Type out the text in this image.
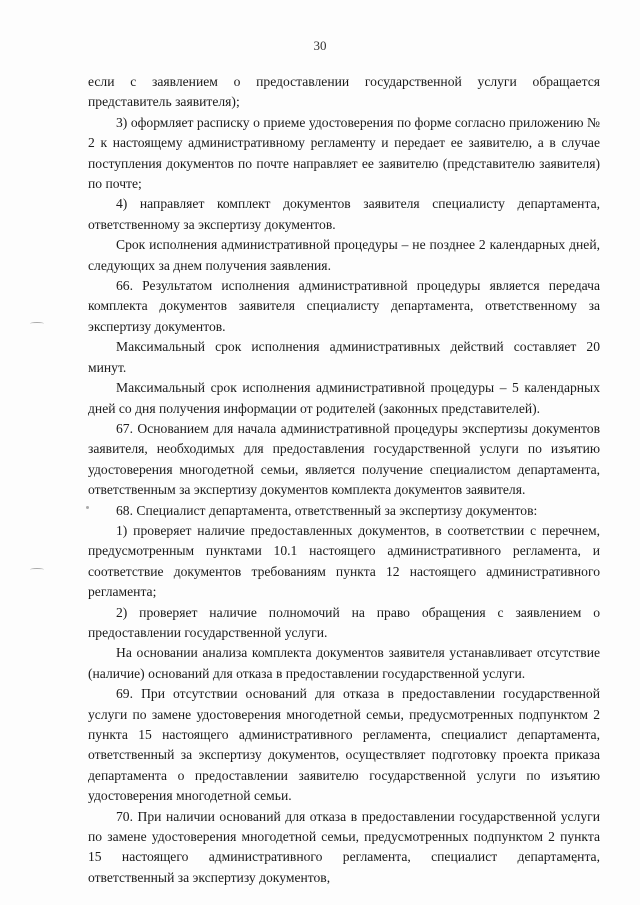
30

если с заявлением о предоставлении государственной услуги обращается представитель заявителя);

3) оформляет расписку о приеме удостоверения по форме согласно приложению № 2 к настоящему административному регламенту и передает ее заявителю, а в случае поступления документов по почте направляет ее заявителю (представителю заявителя) по почте;

4) направляет комплект документов заявителя специалисту департамента, ответственному за экспертизу документов.

Срок исполнения административной процедуры – не позднее 2 календарных дней, следующих за днем получения заявления.

66. Результатом исполнения административной процедуры является передача комплекта документов заявителя специалисту департамента, ответственному за экспертизу документов.

Максимальный срок исполнения административных действий составляет 20 минут.

Максимальный срок исполнения административной процедуры – 5 календарных дней со дня получения информации от родителей (законных представителей).

67. Основанием для начала административной процедуры экспертизы документов заявителя, необходимых для предоставления государственной услуги по изъятию удостоверения многодетной семьи, является получение специалистом департамента, ответственным за экспертизу документов комплекта документов заявителя.

68. Специалист департамента, ответственный за экспертизу документов:

1) проверяет наличие предоставленных документов, в соответствии с перечнем, предусмотренным пунктами 10.1 настоящего административного регламента, и соответствие документов требованиям пункта 12 настоящего административного регламента;

2) проверяет наличие полномочий на право обращения с заявлением о предоставлении государственной услуги.

На основании анализа комплекта документов заявителя устанавливает отсутствие (наличие) оснований для отказа в предоставлении государственной услуги.

69. При отсутствии оснований для отказа в предоставлении государственной услуги по замене удостоверения многодетной семьи, предусмотренных подпунктом 2 пункта 15 настоящего административного регламента, специалист департамента, ответственный за экспертизу документов, осуществляет подготовку проекта приказа департамента о предоставлении заявителю государственной услуги по изъятию удостоверения многодетной семьи.

70. При наличии оснований для отказа в предоставлении государственной услуги по замене удостоверения многодетной семьи, предусмотренных подпунктом 2 пункта 15 настоящего административного регламента, специалист департамента, ответственный за экспертизу документов,
